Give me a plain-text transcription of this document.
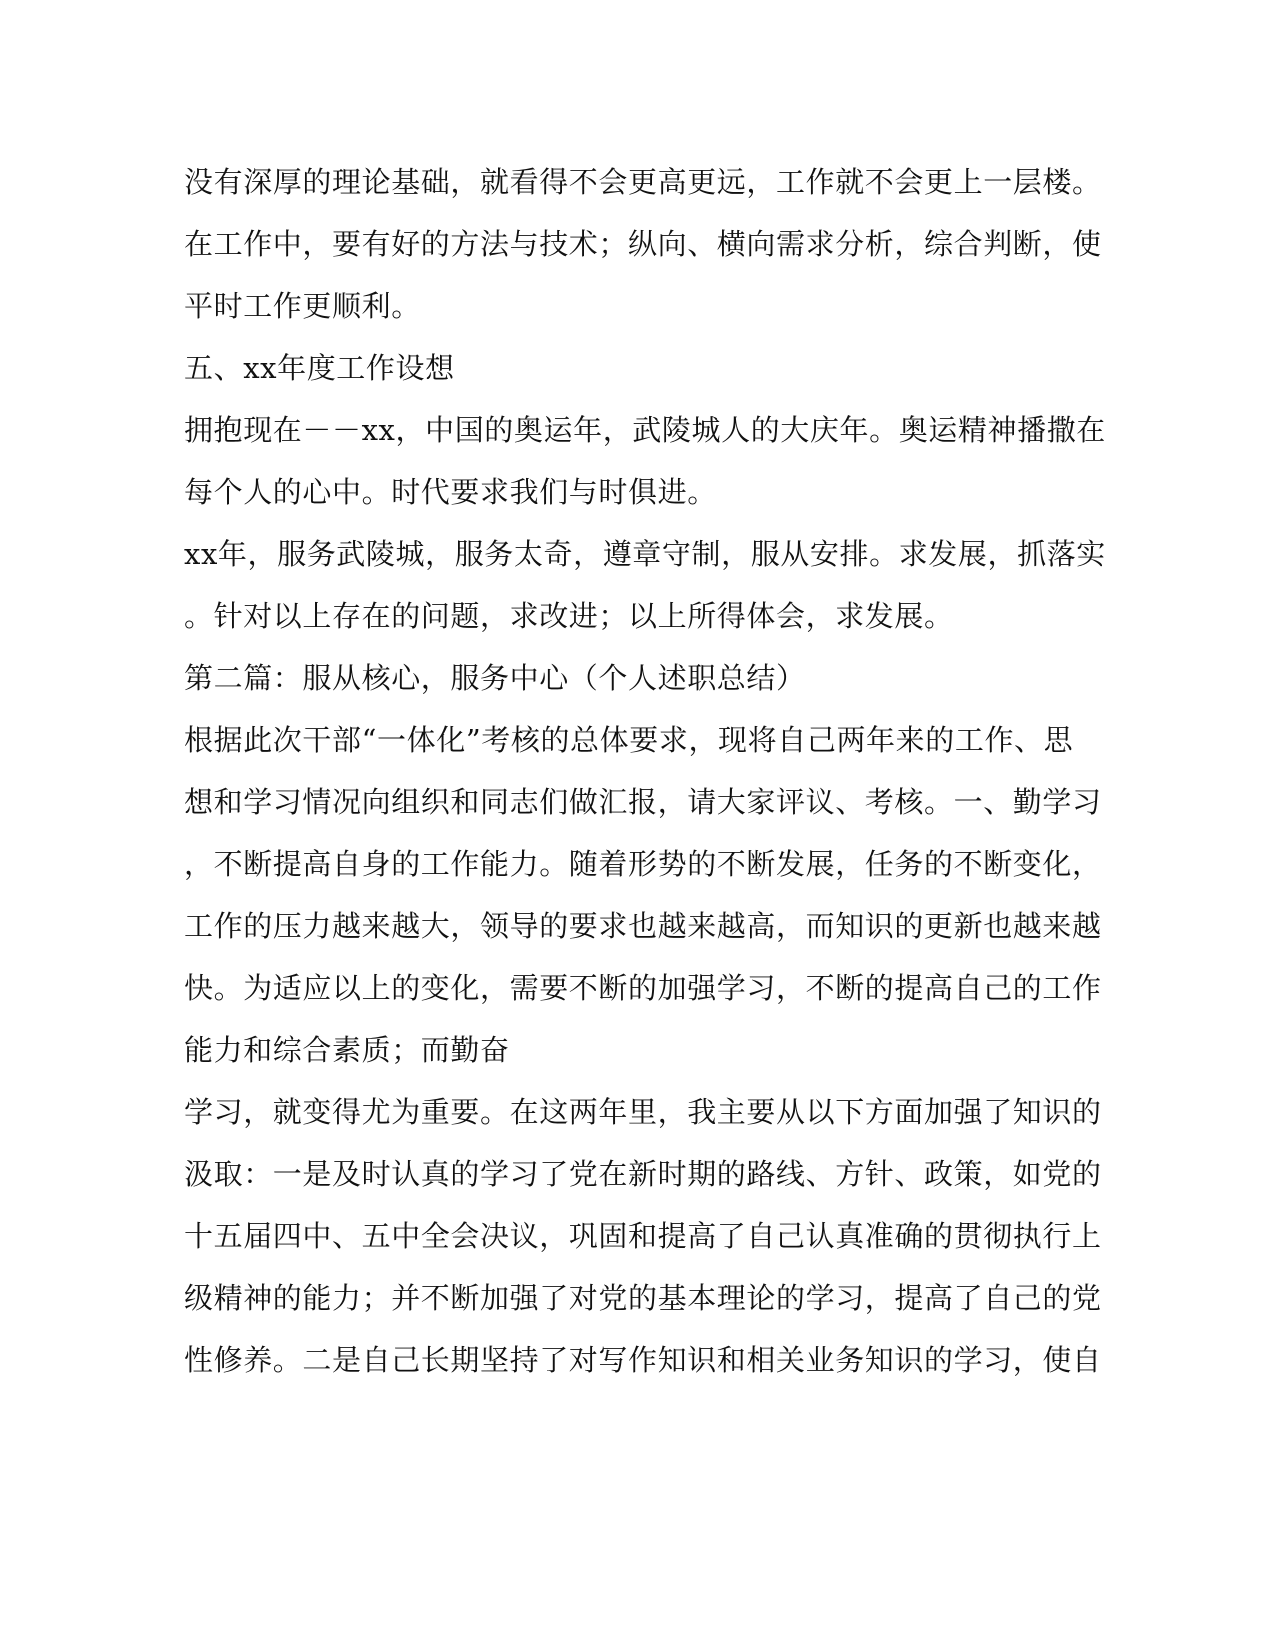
没有深厚的理论基础，就看得不会更高更远，工作就不会更上一层楼。

在工作中，要有好的方法与技术；纵向、横向需求分析，综合判断，使

平时工作更顺利。

五、xx年度工作设想

拥抱现在－－xx，中国的奥运年，武陵城人的大庆年。奥运精神播撒在

每个人的心中。时代要求我们与时俱进。

xx年，服务武陵城，服务太奇，遵章守制，服从安排。求发展，抓落实

。针对以上存在的问题，求改进；以上所得体会，求发展。

第二篇：服从核心，服务中心（个人述职总结）

根据此次干部“一体化”考核的总体要求，现将自己两年来的工作、思

想和学习情况向组织和同志们做汇报，请大家评议、考核。一、勤学习

，不断提高自身的工作能力。随着形势的不断发展，任务的不断变化，

工作的压力越来越大，领导的要求也越来越高，而知识的更新也越来越

快。为适应以上的变化，需要不断的加强学习，不断的提高自己的工作

能力和综合素质；而勤奋

学习，就变得尤为重要。在这两年里，我主要从以下方面加强了知识的

汲取：一是及时认真的学习了党在新时期的路线、方针、政策，如党的

十五届四中、五中全会决议，巩固和提高了自己认真准确的贯彻执行上

级精神的能力；并不断加强了对党的基本理论的学习，提高了自己的党

性修养。二是自己长期坚持了对写作知识和相关业务知识的学习，使自
